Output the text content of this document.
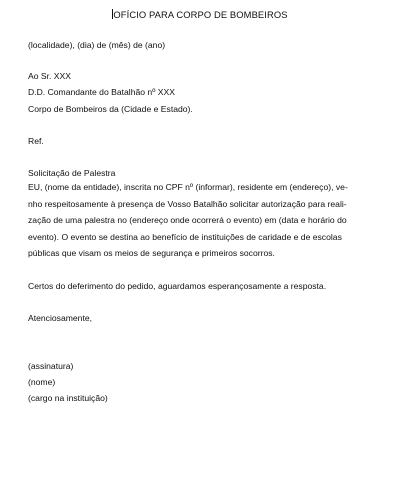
OFÍCIO PARA CORPO DE BOMBEIROS
(localidade), (dia) de (mês) de (ano)
Ao Sr. XXX
D.D. Comandante do Batalhão nº XXX
Corpo de Bombeiros da (Cidade e Estado).
Ref.
Solicitação de Palestra
EU, (nome da entidade), inscrita no CPF nº (informar), residente em (endereço), ve-
nho respeitosamente à presença de Vosso Batalhão solicitar autorização para reali-
zação de uma palestra no (endereço onde ocorrerá o evento) em (data e horário do
evento). O evento se destina ao benefício de instituições de caridade e de escolas
públicas que visam os meios de segurança e primeiros socorros.
Certos do deferimento do pedido, aguardamos esperançosamente a resposta.
Atenciosamente,
(assinatura)
(nome)
(cargo na instituição)
